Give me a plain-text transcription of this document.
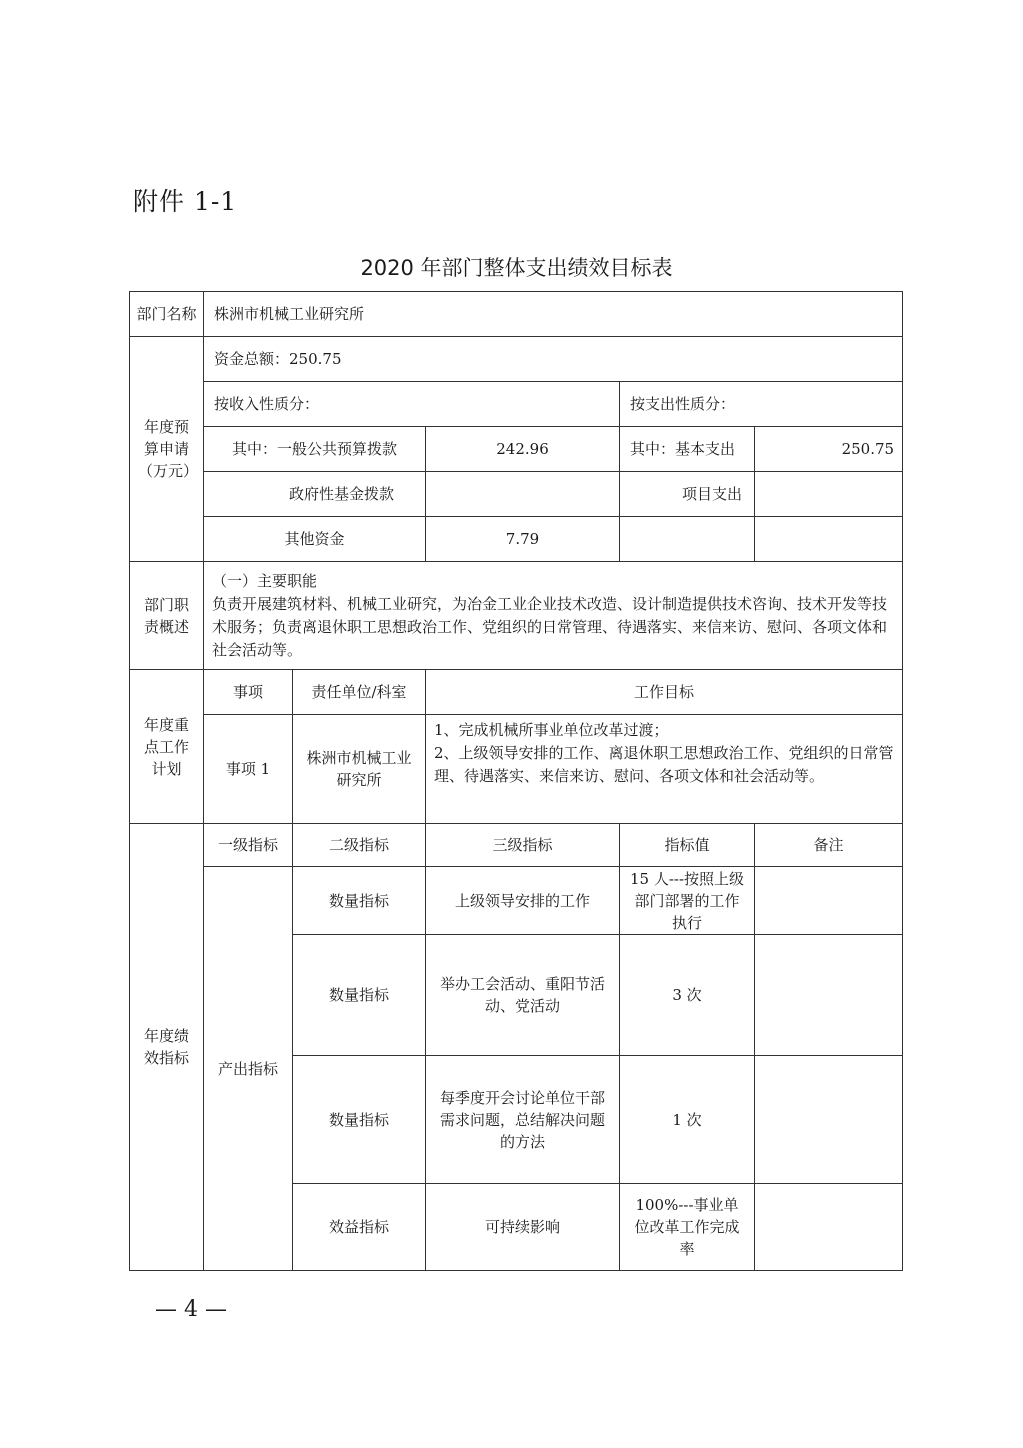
附件 1-1
2020 年部门整体支出绩效目标表
部门名称	株洲市机械工业研究所				
年度预算申请（万元）	资金总额：250.75				
	按收入性质分：			按支出性质分：	
	其中：一般公共预算拨款		242.96	其中：基本支出	250.75
	政府性基金拨款			项目支出	
	其他资金		7.79		
部门职责概述	（一）主要职能
负责开展建筑材料、机械工业研究，为冶金工业企业技术改造、设计制造提供技术咨询、技术开发等技术服务；负责离退休职工思想政治工作、党组织的日常管理、待遇落实、来信来访、慰问、各项文体和社会活动等。				

年度重点工作计划	事项	责任单位/科室	工作目标		
	事项 1	株洲市机械工业研究所	1、完成机械所事业单位改革过渡；
2、上级领导安排的工作、离退休职工思想政治工作、党组织的日常管理、待遇落实、来信来访、慰问、各项文体和社会活动等。		

年度绩效指标	一级指标	二级指标	三级指标	指标值	备注
	产出指标	数量指标	上级领导安排的工作	15 人---按照上级部门部署的工作执行	
		数量指标	举办工会活动、重阳节活动、党活动	3 次	
		数量指标	每季度开会讨论单位干部需求问题，总结解决问题的方法	1 次	
		效益指标	可持续影响	100%---事业单位改革工作完成率	
— 4 —
